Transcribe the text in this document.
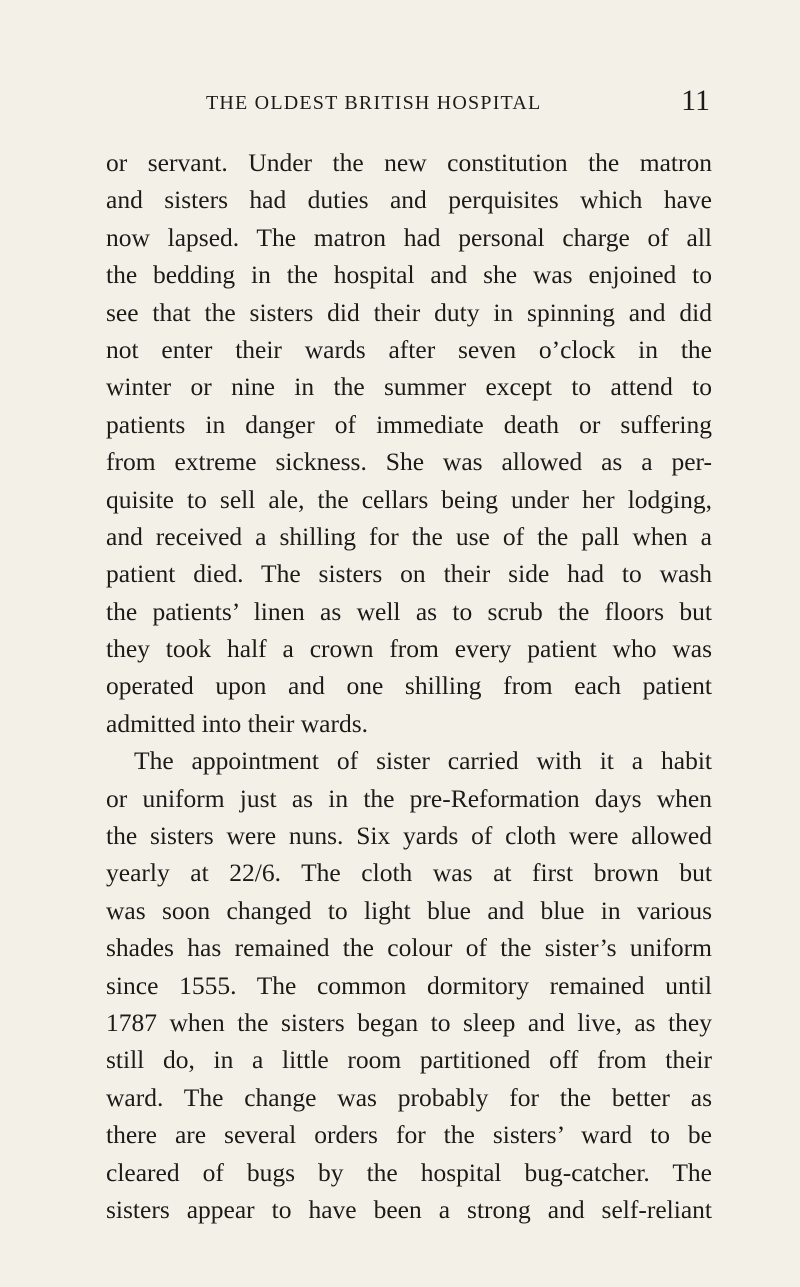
THE OLDEST BRITISH HOSPITAL	11
or servant. Under the new constitution the matron
and sisters had duties and perquisites which have
now lapsed. The matron had personal charge of all
the bedding in the hospital and she was enjoined to
see that the sisters did their duty in spinning and did
not enter their wards after seven o’clock in the
winter or nine in the summer except to attend to
patients in danger of immediate death or suffering
from extreme sickness. She was allowed as a per-
quisite to sell ale, the cellars being under her lodging,
and received a shilling for the use of the pall when a
patient died. The sisters on their side had to wash
the patients’ linen as well as to scrub the floors but
they took half a crown from every patient who was
operated upon and one shilling from each patient
admitted into their wards.
The appointment of sister carried with it a habit
or uniform just as in the pre-Reformation days when
the sisters were nuns. Six yards of cloth were allowed
yearly at 22/6. The cloth was at first brown but
was soon changed to light blue and blue in various
shades has remained the colour of the sister’s uniform
since 1555. The common dormitory remained until
1787 when the sisters began to sleep and live, as they
still do, in a little room partitioned off from their
ward. The change was probably for the better as
there are several orders for the sisters’ ward to be
cleared of bugs by the hospital bug-catcher. The
sisters appear to have been a strong and self-reliant
